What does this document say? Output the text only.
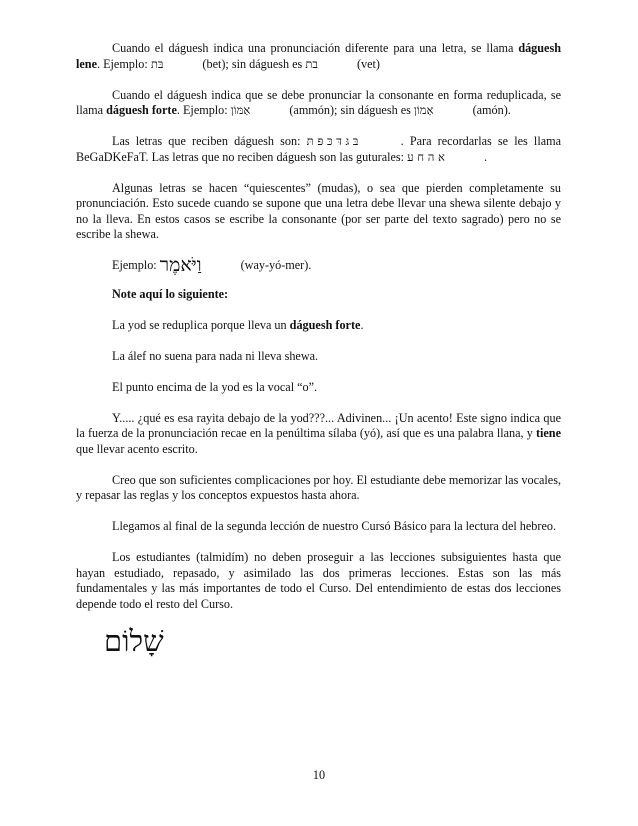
Cuando el dáguesh indica una pronunciación diferente para una letra, se llama dáguesh lene. Ejemplo: בּת	(bet); sin dáguesh es בת	(vet)

Cuando el dáguesh indica que se debe pronunciar la consonante en forma reduplicada, se llama dáguesh forte. Ejemplo: אַמּוֹן	(ammón); sin dáguesh es אַמוֹן	(amón).

Las letras que reciben dáguesh son: בּ גּ דּ כּ פּ תּ	. Para recordarlas se les llama BeGaDKeFaT. Las letras que no reciben dáguesh son las guturales: א ה ח ע	.

Algunas letras se hacen “quiescentes” (mudas), o sea que pierden completamente su pronunciación. Esto sucede cuando se supone que una letra debe llevar una shewa silente debajo y no la lleva. En estos casos se escribe la consonante (por ser parte del texto sagrado) pero no se escribe la shewa.

Ejemplo: וַיֹּאמֶר	(way-yó-mer).

Note aquí lo siguiente:

La yod se reduplica porque lleva un dáguesh forte.

La álef no suena para nada ni lleva shewa.

El punto encima de la yod es la vocal “o”.

Y..... ¿qué es esa rayita debajo de la yod???... Adivinen... ¡Un acento! Este signo indica que la fuerza de la pronunciación recae en la penúltima sílaba (yó), así que es una palabra llana, y tiene que llevar acento escrito.

Creo que son suficientes complicaciones por hoy. El estudiante debe memorizar las vocales, y repasar las reglas y los conceptos expuestos hasta ahora.

Llegamos al final de la segunda lección de nuestro Cursó Básico para la lectura del hebreo.

Los estudiantes (talmidím) no deben proseguir a las lecciones subsiguientes hasta que hayan estudiado, repasado, y asimilado las dos primeras lecciones. Estas son las más fundamentales y las más importantes de todo el Curso. Del entendimiento de estas dos lecciones depende todo el resto del Curso.

שָׁלוֹם
10
